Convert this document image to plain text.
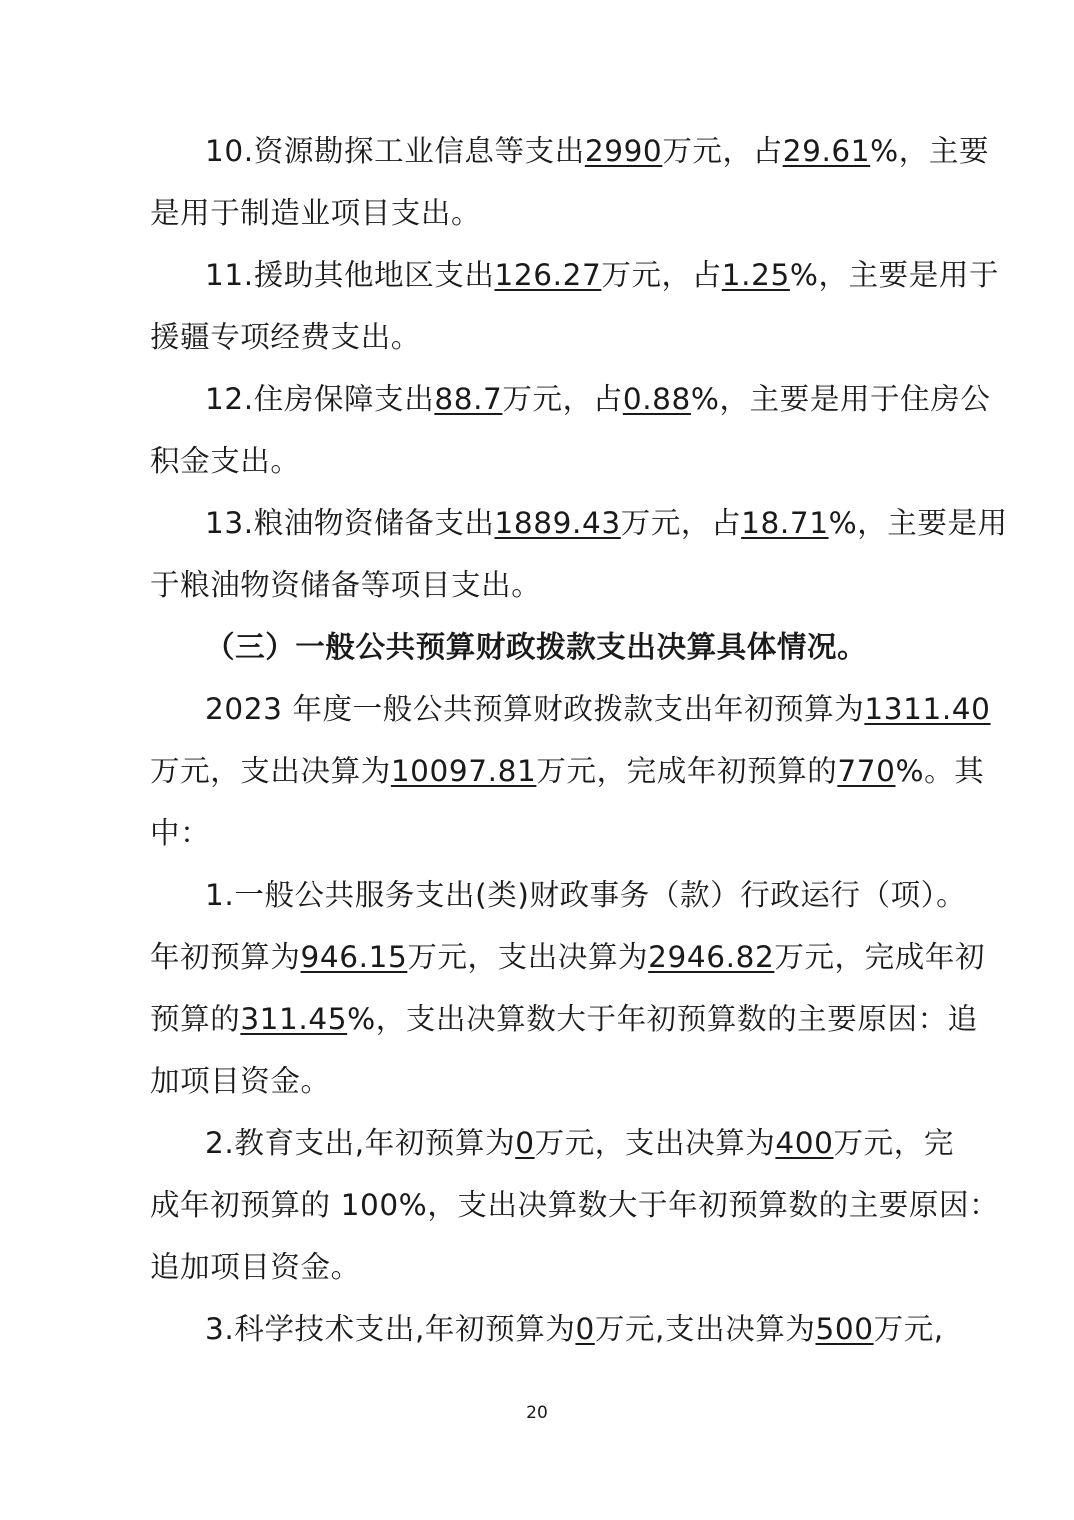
10.资源勘探工业信息等支出2990万元，占29.61%，主要
是用于制造业项目支出。
11.援助其他地区支出126.27万元，占1.25%，主要是用于
援疆专项经费支出。
12.住房保障支出88.7万元，占0.88%，主要是用于住房公
积金支出。
13.粮油物资储备支出1889.43万元，占18.71%，主要是用
于粮油物资储备等项目支出。
（三）一般公共预算财政拨款支出决算具体情况。
2023 年度一般公共预算财政拨款支出年初预算为1311.40
万元，支出决算为10097.81万元，完成年初预算的770%。其
中：
1.一般公共服务支出(类)财政事务（款）行政运行（项）。
年初预算为946.15万元，支出决算为2946.82万元，完成年初
预算的311.45%，支出决算数大于年初预算数的主要原因：追
加项目资金。
2.教育支出,年初预算为0万元，支出决算为400万元，完
成年初预算的 100%，支出决算数大于年初预算数的主要原因：
追加项目资金。
3.科学技术支出,年初预算为0万元,支出决算为500万元,
20
